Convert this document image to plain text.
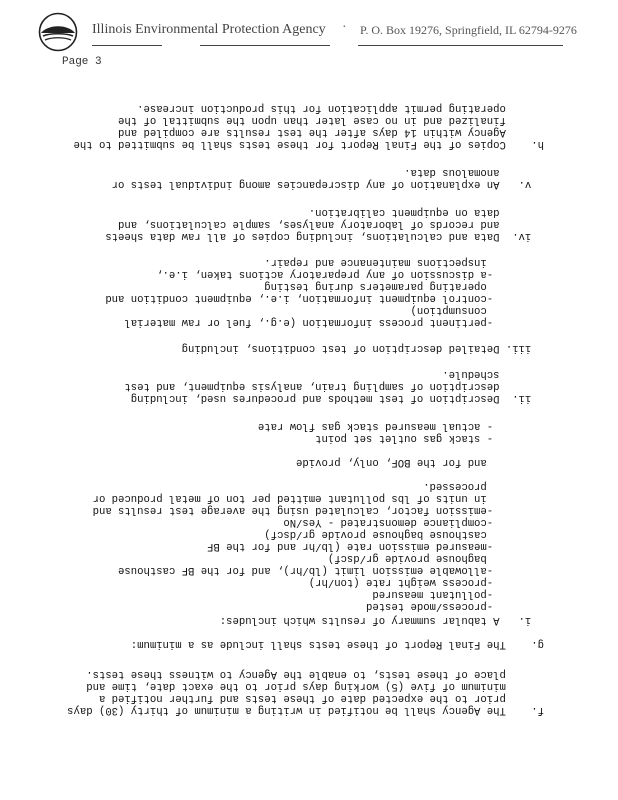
Illinois Environmental Protection Agency · P. O. Box 19276, Springfield, IL 62794-9276
Page 3
f.    The Agency shall be notified in writing a minimum of thirty (30) days
prior to the expected date of these tests and further notified a
minimum of five (5) working days prior to the exact date, time and
place of these tests, to enable the Agency to witness these tests.
g.    The Final Report of these tests shall include as a minimum:
i.   A tabular summary of results which includes:
-process/mode tested
-pollutant measured
-process weight rate (ton/hr)
-allowable emission limit (lb/hr), and for the BF casthouse
baghouse provide gr/dscf)
-measured emission rate (lb/hr and for the BF
casthouse baghouse provide gr/dscf)
-compliance demonstrated - Yes/No
-emission factor, calculated using the average test results and
in units of lbs pollutant emitted per ton of metal produced or
processed.
and for the BOF, only, provide
- stack gas outlet set point
- actual measured stack gas flow rate
ii.  Description of test methods and procedures used, including
description of sampling train, analysis equipment, and test
schedule.
iii. Detailed description of test conditions, including
-pertinent process information (e.g., fuel or raw material
consumption)
-control equipment information, i.e., equipment condition and
operating parameters during testing
-a discussion of any preparatory actions taken, i.e.,
inspections maintenance and repair.
iv.  Data and calculations, including copies of all raw data sheets
and records of laboratory analyses, sample calculations, and
data on equipment calibration.
v.   An explanation of any discrepancies among individual tests or
anomalous data.
h.    Copies of the Final Report for these tests shall be submitted to the
Agency within 14 days after the test results are compiled and
finalized and in no case later than upon the submittal of the
operating permit application for this production increase.
